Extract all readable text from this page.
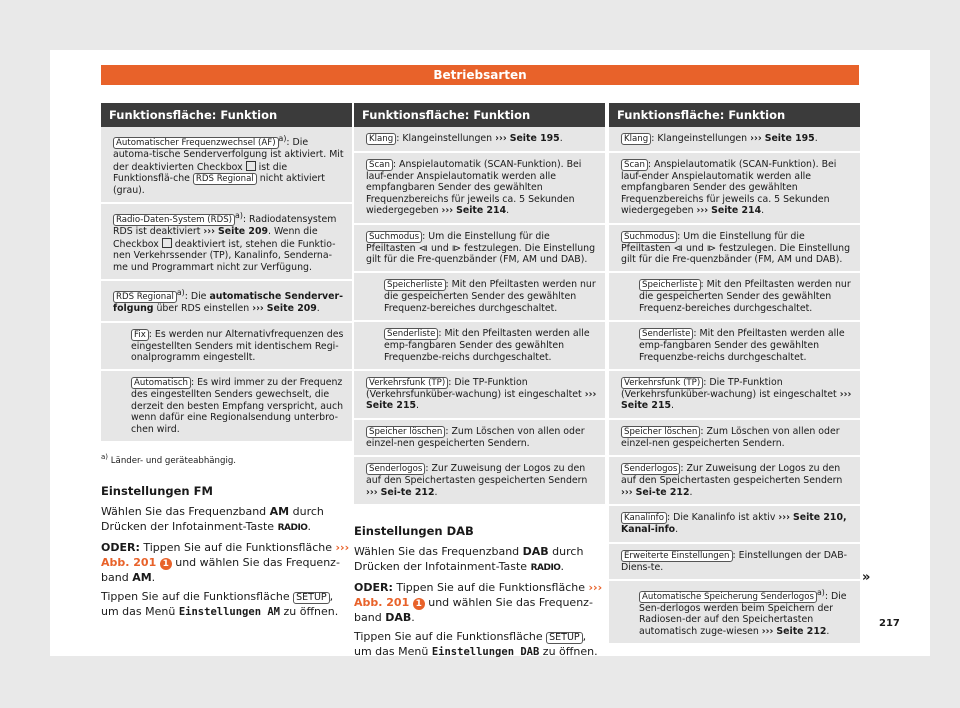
Betriebsarten
Funktionsfläche: Funktion
Automatischer Frequenzwechsel (AF) $^{a)}$: Die automa-tische Senderverfolgung ist aktiviert. Mit der deaktivierten Checkbox  ist die Funktionsflä-che RDS Regional nicht aktiviert (grau).
Radio-Daten-System (RDS) $^{a)}$: Radiodatensystem RDS ist deaktiviert ››› Seite 209. Wenn die Checkbox  deaktiviert ist, stehen die Funktio-nen Verkehrssender (TP), Kanalinfo, Senderna-me und Programmart nicht zur Verfügung.
RDS Regional $^{a)}$: Die automatische Senderver-folgung über RDS einstellen ››› Seite 209.
Fix : Es werden nur Alternativfrequenzen des eingestellten Senders mit identischem Regi-onalprogramm eingestellt.
Automatisch : Es wird immer zu der Frequenz des eingestellten Senders gewechselt, die derzeit den besten Empfang verspricht, auch wenn dafür eine Regionalsendung unterbro-chen wird.
$^{a)}$ Länder- und geräteabhängig.
Einstellungen FM

Wählen Sie das Frequenzband AM durch Drücken der Infotainment-Taste RADIO.

ODER: Tippen Sie auf die Funktionsfläche ››› Abb. 201 1 und wählen Sie das Frequenz-band AM.

Tippen Sie auf die Funktionsfläche SETUP , um das Menü Einstellungen AM zu öffnen.

Funktionsfläche: Funktion
Klang : Klangeinstellungen ››› Seite 195.
Scan : Anspielautomatik (SCAN-Funktion). Bei lauf-ender Anspielautomatik werden alle empfangbaren Sender des gewählten Frequenzbereichs für jeweils ca. 5 Sekunden wiedergegeben ››› Seite 214.
Suchmodus : Um die Einstellung für die Pfeiltasten ⧏ und ⧐ festzulegen. Die Einstellung gilt für die Fre-quenzbänder (FM, AM und DAB).
Speicherliste : Mit den Pfeiltasten werden nur die gespeicherten Sender des gewählten Frequenz-bereiches durchgeschaltet.
Senderliste : Mit den Pfeiltasten werden alle emp-fangbaren Sender des gewählten Frequenzbe-reichs durchgeschaltet.
Verkehrsfunk (TP) : Die TP-Funktion (Verkehrsfunküber-wachung) ist eingeschaltet ››› Seite 215.
Speicher löschen : Zum Löschen von allen oder einzel-nen gespeicherten Sendern.
Senderlogos : Zur Zuweisung der Logos zu den auf den Speichertasten gespeicherten Sendern ››› Sei-te 212.
Einstellungen DAB

Wählen Sie das Frequenzband DAB durch Drücken der Infotainment-Taste RADIO.

ODER: Tippen Sie auf die Funktionsfläche ››› Abb. 201 1 und wählen Sie das Frequenz-band DAB.

Tippen Sie auf die Funktionsfläche SETUP , um das Menü Einstellungen DAB zu öffnen.

Funktionsfläche: Funktion
Klang : Klangeinstellungen ››› Seite 195.
Scan : Anspielautomatik (SCAN-Funktion). Bei lauf-ender Anspielautomatik werden alle empfangbaren Sender des gewählten Frequenzbereichs für jeweils ca. 5 Sekunden wiedergegeben ››› Seite 214.
Suchmodus : Um die Einstellung für die Pfeiltasten ⧏ und ⧐ festzulegen. Die Einstellung gilt für die Fre-quenzbänder (FM, AM und DAB).
Speicherliste : Mit den Pfeiltasten werden nur die gespeicherten Sender des gewählten Frequenz-bereiches durchgeschaltet.
Senderliste : Mit den Pfeiltasten werden alle emp-fangbaren Sender des gewählten Frequenzbe-reichs durchgeschaltet.
Verkehrsfunk (TP) : Die TP-Funktion (Verkehrsfunküber-wachung) ist eingeschaltet ››› Seite 215.
Speicher löschen : Zum Löschen von allen oder einzel-nen gespeicherten Sendern.
Senderlogos : Zur Zuweisung der Logos zu den auf den Speichertasten gespeicherten Sendern ››› Sei-te 212.
Kanalinfo : Die Kanalinfo ist aktiv ››› Seite 210, Kanal-info.
Erweiterte Einstellungen : Einstellungen der DAB-Diens-te.
Automatische Speicherung Senderlogos $^{a)}$: Die Sen-derlogos werden beim Speichern der Radiosen-der auf den Speichertasten automatisch zuge-wiesen ››› Seite 212.
»
217
